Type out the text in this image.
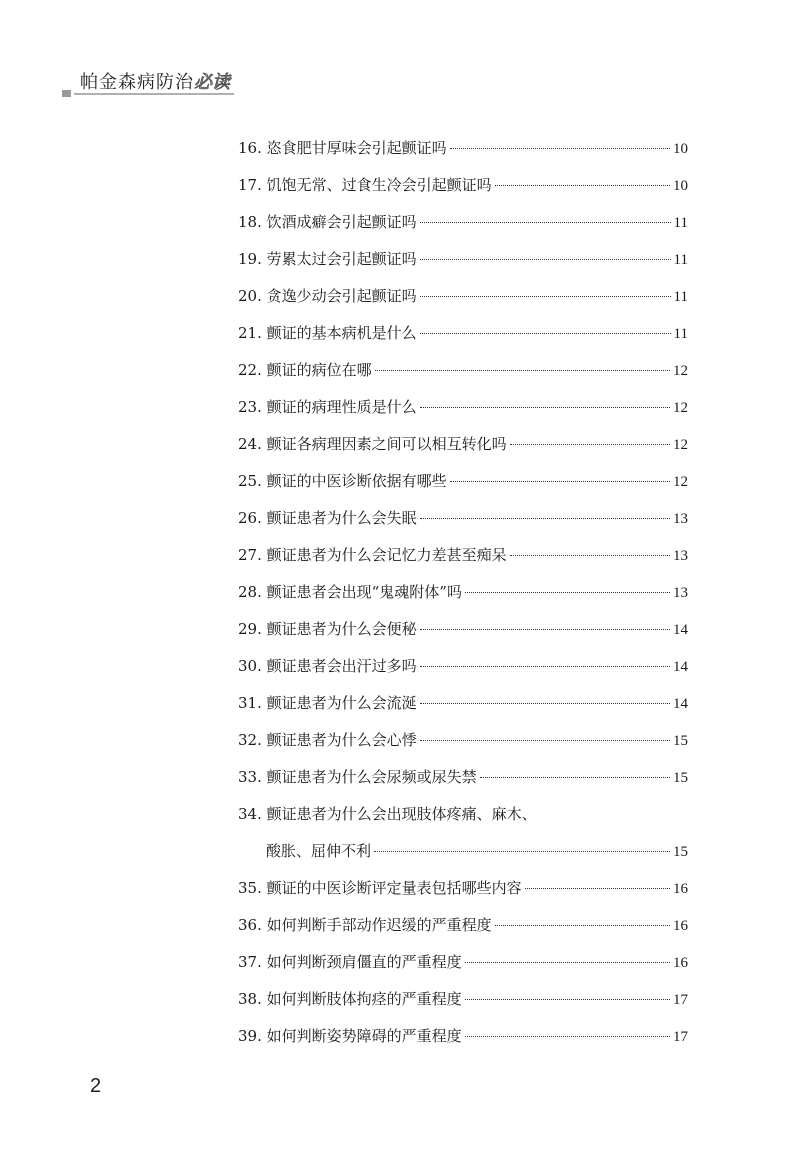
帕金森病防治必读
16. 恣食肥甘厚味会引起颤证吗	10
17. 饥饱无常、过食生冷会引起颤证吗	10
18. 饮酒成癖会引起颤证吗	11
19. 劳累太过会引起颤证吗	11
20. 贪逸少动会引起颤证吗	11
21. 颤证的基本病机是什么	11
22. 颤证的病位在哪	12
23. 颤证的病理性质是什么	12
24. 颤证各病理因素之间可以相互转化吗	12
25. 颤证的中医诊断依据有哪些	12
26. 颤证患者为什么会失眠	13
27. 颤证患者为什么会记忆力差甚至痴呆	13
28. 颤证患者会出现“鬼魂附体”吗	13
29. 颤证患者为什么会便秘	14
30. 颤证患者会出汗过多吗	14
31. 颤证患者为什么会流涎	14
32. 颤证患者为什么会心悸	15
33. 颤证患者为什么会尿频或尿失禁	15
34. 颤证患者为什么会出现肢体疼痛、麻木、
酸胀、屈伸不利	15
35. 颤证的中医诊断评定量表包括哪些内容	16
36. 如何判断手部动作迟缓的严重程度	16
37. 如何判断颈肩僵直的严重程度	16
38. 如何判断肢体拘痉的严重程度	17
39. 如何判断姿势障碍的严重程度	17
2
